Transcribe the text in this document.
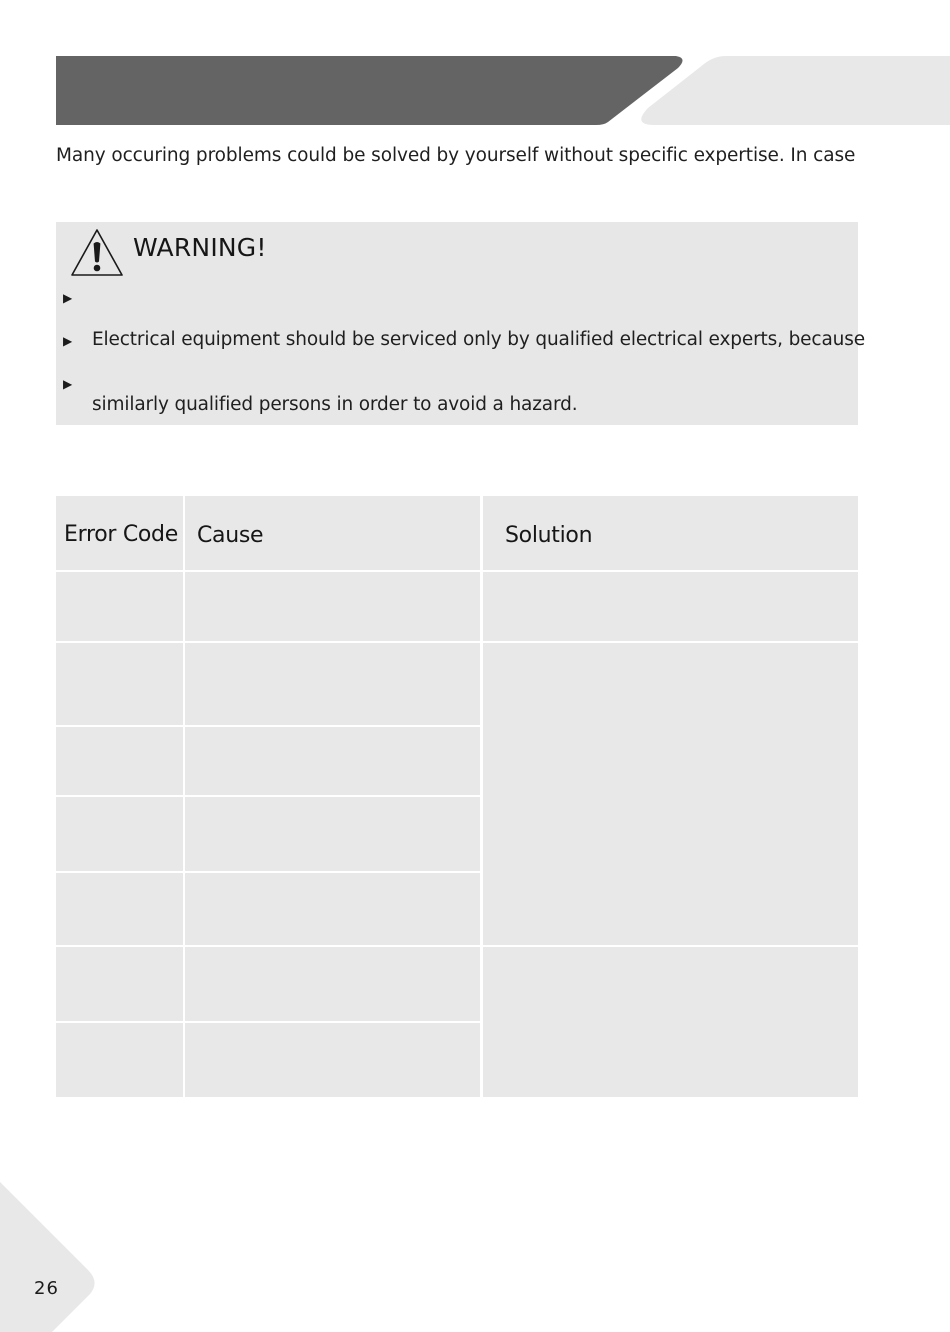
Many occuring problems could be solved by yourself without specific expertise. In case
WARNING!
▶
▶ Electrical equipment should be serviced only by qualified electrical experts, because
▶
similarly qualified persons in order to avoid a hazard.
Error Code Cause	Solution
26
